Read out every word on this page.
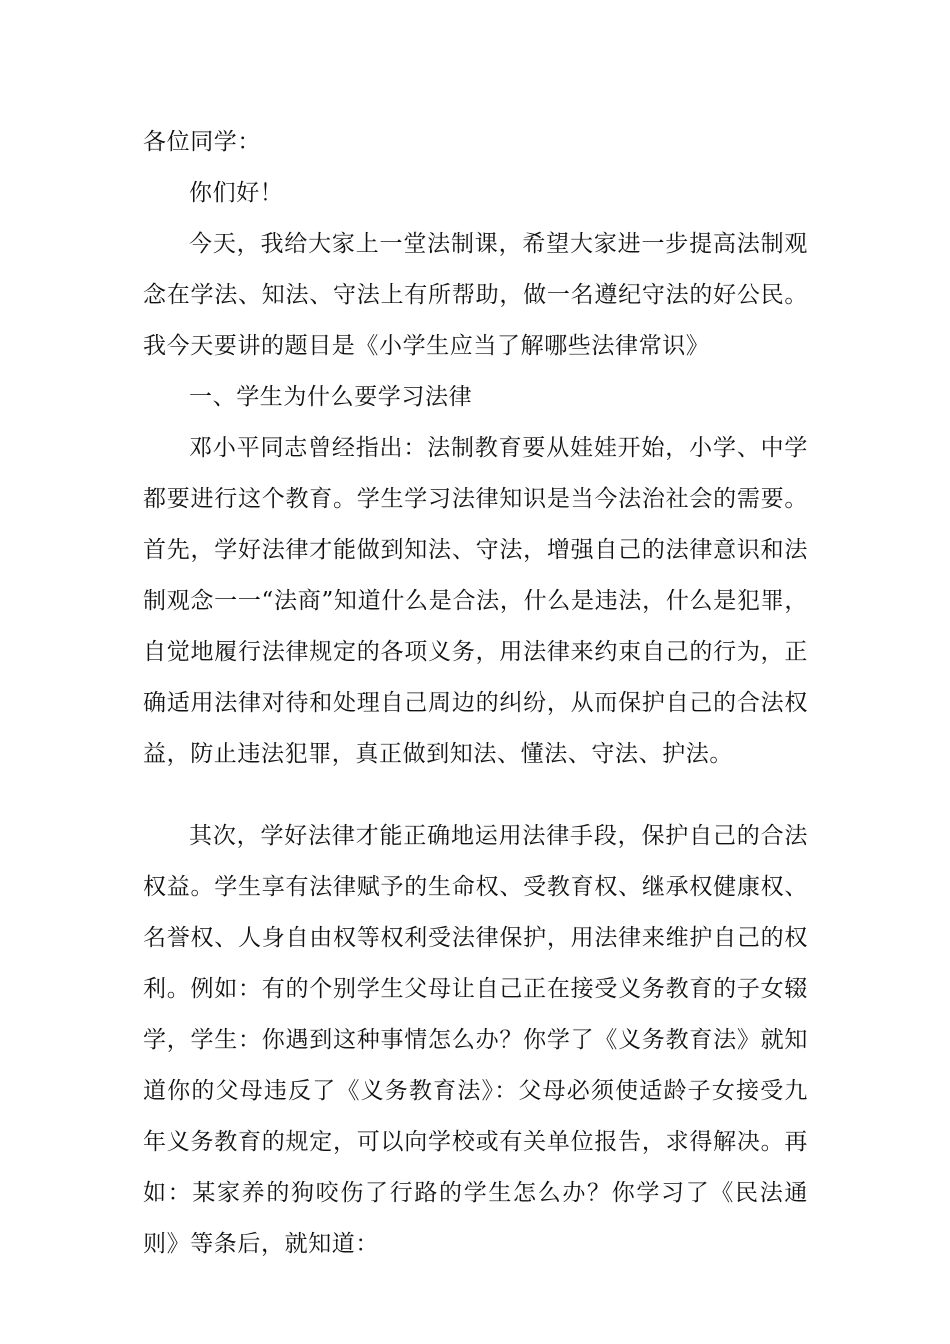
各位同学：

你们好！

今天，我给大家上一堂法制课，希望大家进一步提高法制观念在学法、知法、守法上有所帮助，做一名遵纪守法的好公民。我今天要讲的题目是《小学生应当了解哪些法律常识》

一、学生为什么要学习法律

邓小平同志曾经指出：法制教育要从娃娃开始，小学、中学都要进行这个教育。学生学习法律知识是当今法治社会的需要。首先，学好法律才能做到知法、守法，增强自己的法律意识和法制观念一一“法商”知道什么是合法，什么是违法，什么是犯罪，自觉地履行法律规定的各项义务，用法律来约束自己的行为，正确适用法律对待和处理自己周边的纠纷，从而保护自己的合法权益，防止违法犯罪，真正做到知法、懂法、守法、护法。

其次，学好法律才能正确地运用法律手段，保护自己的合法权益。学生享有法律赋予的生命权、受教育权、继承权健康权、名誉权、人身自由权等权利受法律保护，用法律来维护自己的权利。例如：有的个别学生父母让自己正在接受义务教育的子女辍学，学生：你遇到这种事情怎么办？你学了《义务教育法》就知道你的父母违反了《义务教育法》：父母必须使适龄子女接受九年义务教育的规定，可以向学校或有关单位报告，求得解决。再如：某家养的狗咬伤了行路的学生怎么办？你学习了《民法通则》等条后，就知道：
